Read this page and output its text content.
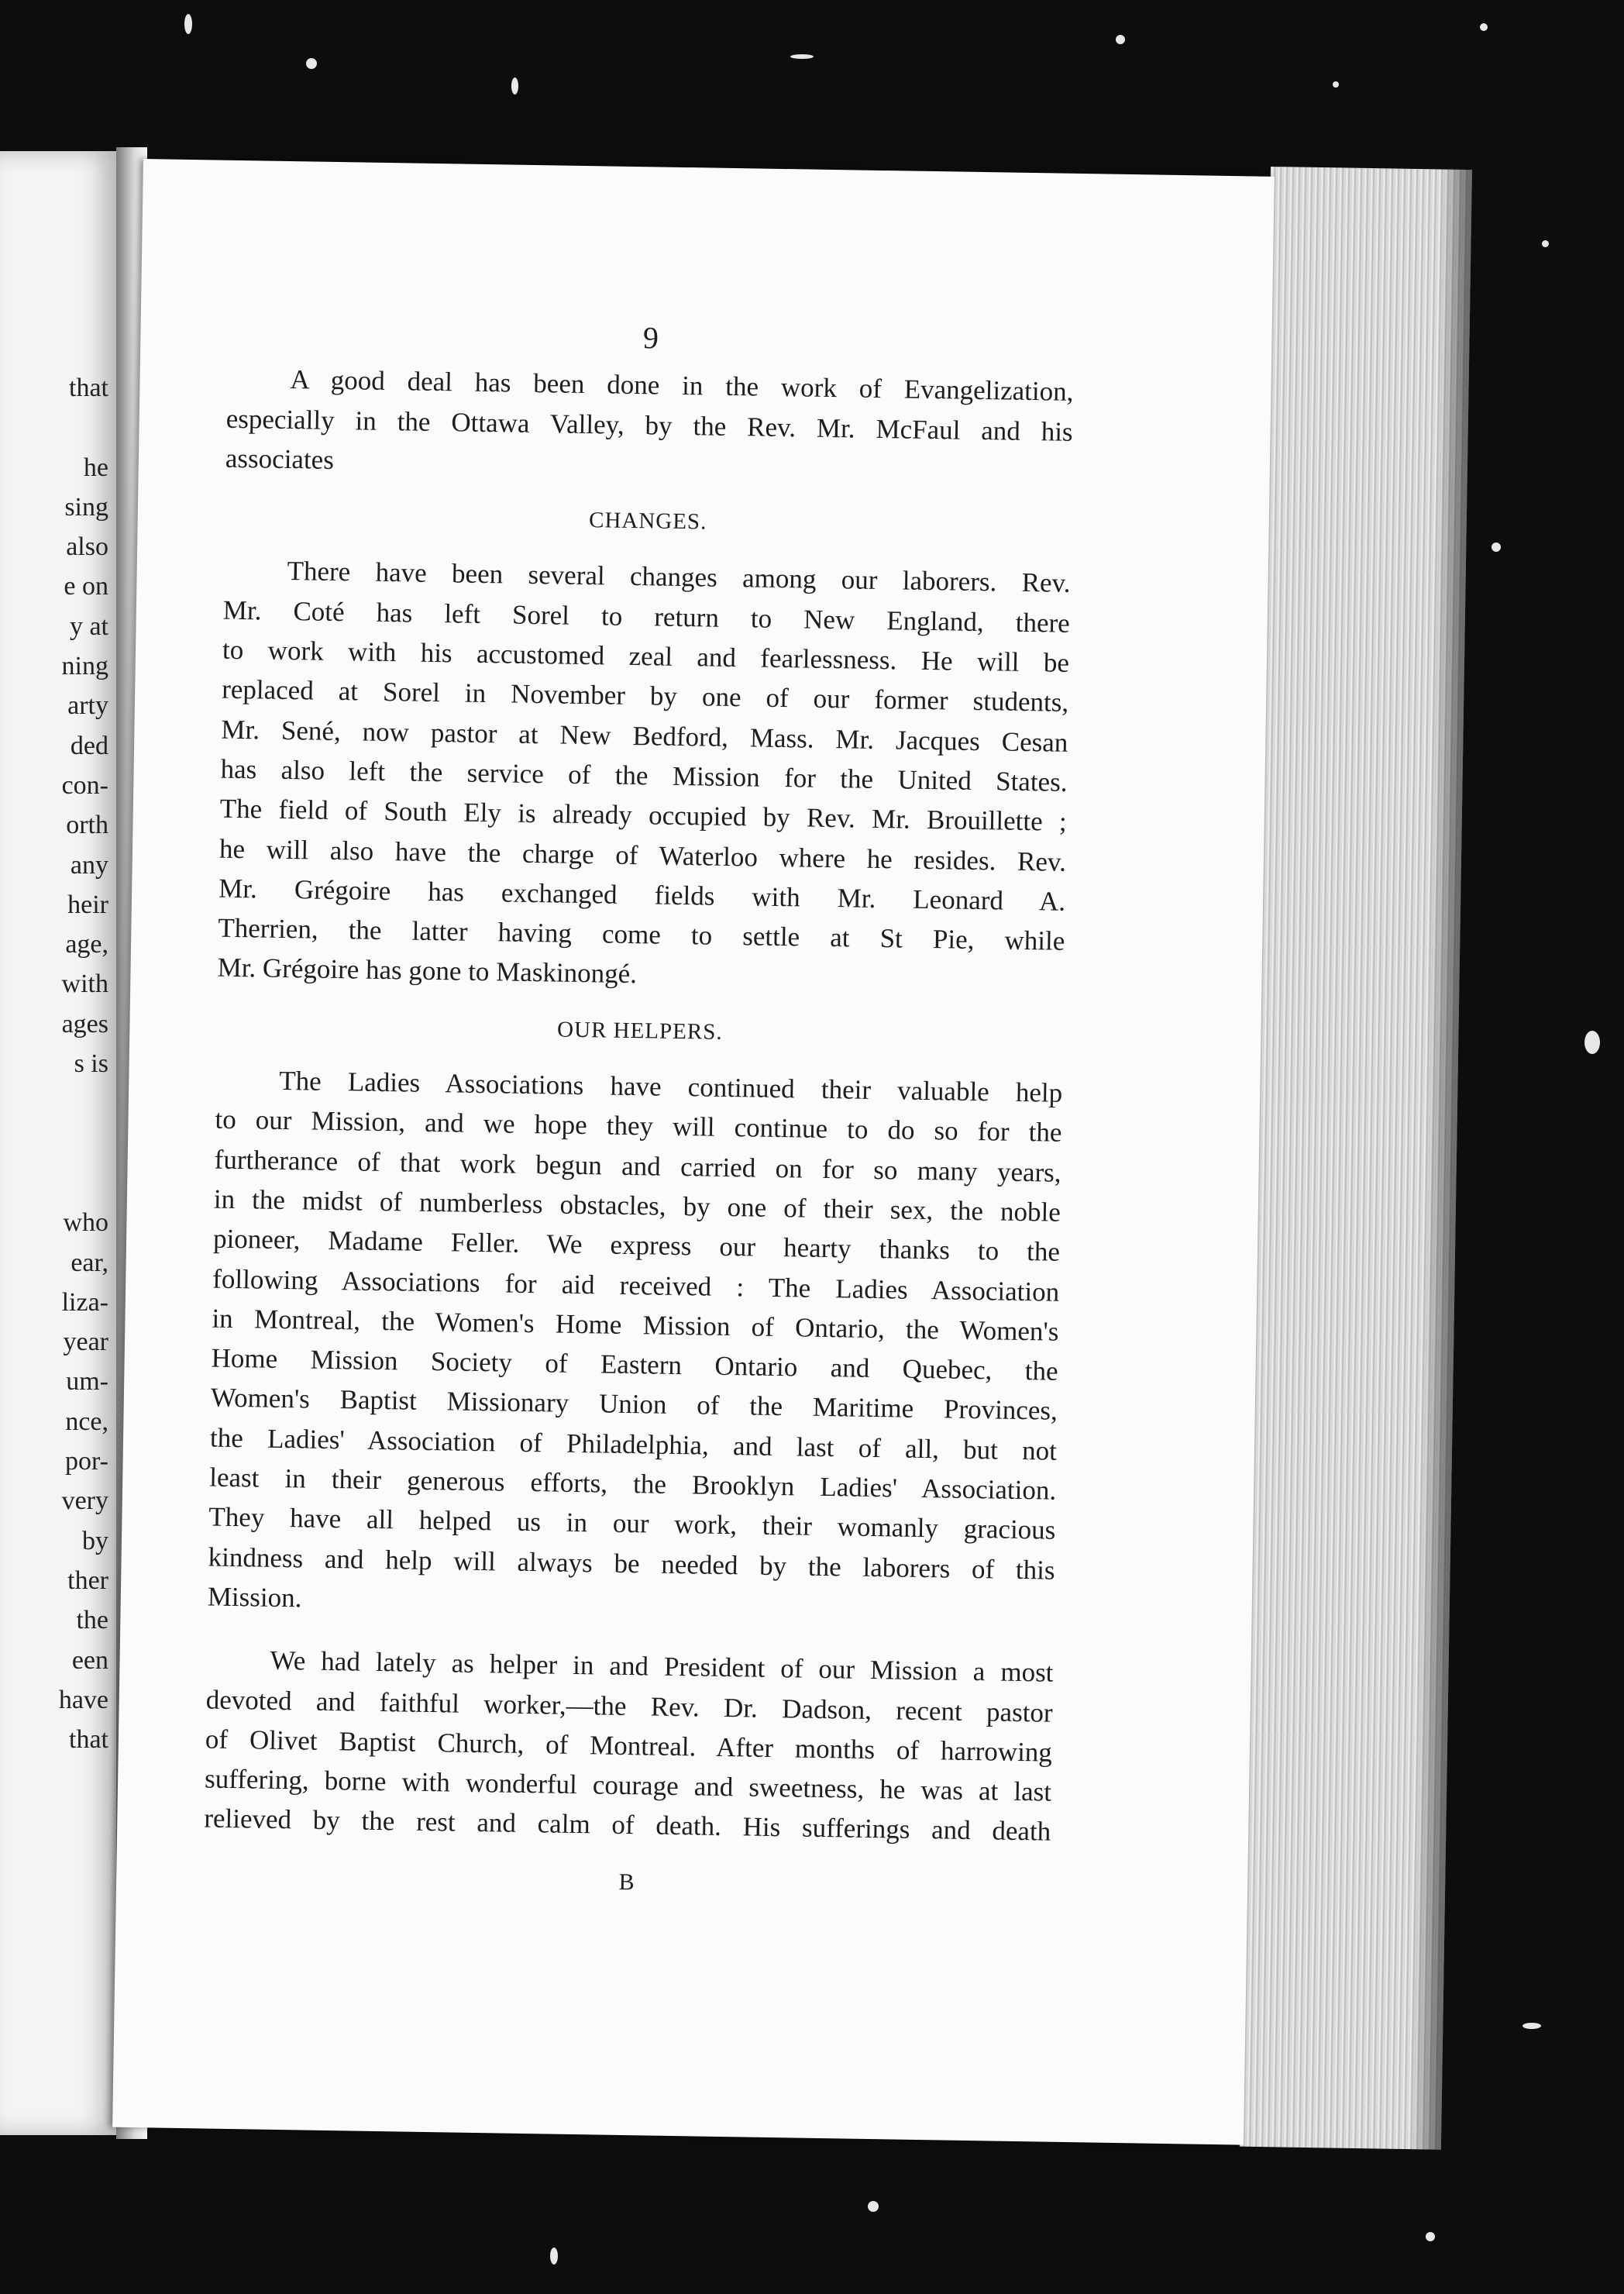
that
he
sing
also
e on
y at
ning
arty
ded
con-
orth
any
heir
age,
with
ages
s is
who
ear,
liza-
year
um-
nce,
por-
very
by
ther
the
een
have
that
9

A good deal has been done in the work of Evangelization,

especially in the Ottawa Valley, by the Rev. Mr. McFaul and his

associates

CHANGES.

There have been several changes among our laborers. Rev.

Mr. Coté has left Sorel to return to New England, there

to work with his accustomed zeal and fearlessness. He will be

replaced at Sorel in November by one of our former students,

Mr. Sené, now pastor at New Bedford, Mass. Mr. Jacques Cesan

has also left the service of the Mission for the United States.

The field of South Ely is already occupied by Rev. Mr. Brouillette ;

he will also have the charge of Waterloo where he resides. Rev.

Mr. Grégoire has exchanged fields with Mr. Leonard A.

Therrien, the latter having come to settle at St Pie, while

Mr. Grégoire has gone to Maskinongé.

OUR HELPERS.

The Ladies Associations have continued their valuable help

to our Mission, and we hope they will continue to do so for the

furtherance of that work begun and carried on for so many years,

in the midst of numberless obstacles, by one of their sex, the noble

pioneer, Madame Feller. We express our hearty thanks to the

following Associations for aid received : The Ladies Association

in Montreal, the Women's Home Mission of Ontario, the Women's

Home Mission Society of Eastern Ontario and Quebec, the

Women's Baptist Missionary Union of the Maritime Provinces,

the Ladies' Association of Philadelphia, and last of all, but not

least in their generous efforts, the Brooklyn Ladies' Association.

They have all helped us in our work, their womanly gracious

kindness and help will always be needed by the laborers of this

Mission.

We had lately as helper in and President of our Mission a most

devoted and faithful worker,—the Rev. Dr. Dadson, recent pastor

of Olivet Baptist Church, of Montreal. After months of harrowing

suffering, borne with wonderful courage and sweetness, he was at last

relieved by the rest and calm of death. His sufferings and death

B
